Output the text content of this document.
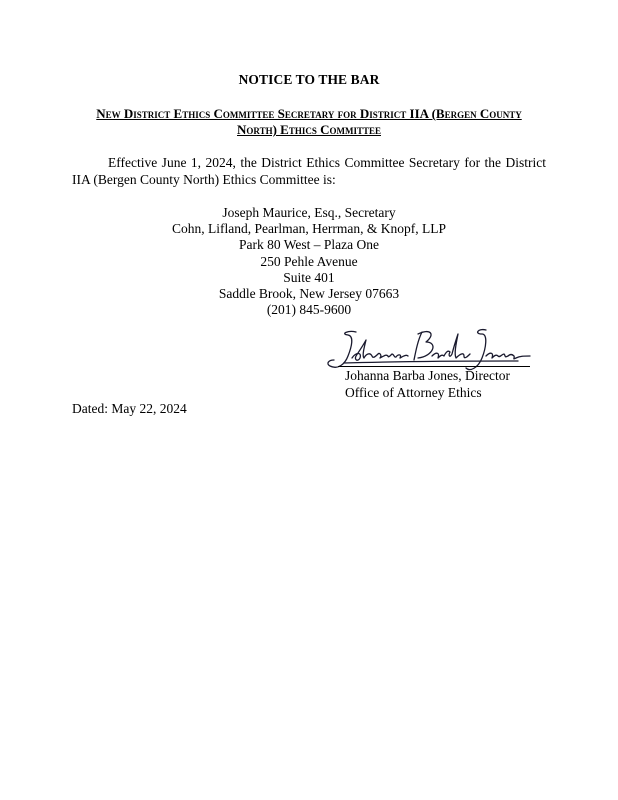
NOTICE TO THE BAR
New District Ethics Committee Secretary for District IIA (Bergen County North) Ethics Committee
Effective June 1, 2024, the District Ethics Committee Secretary for the District IIA (Bergen County North) Ethics Committee is:
Joseph Maurice, Esq., Secretary
Cohn, Lifland, Pearlman, Herrman, & Knopf, LLP
Park 80 West – Plaza One
250 Pehle Avenue
Suite 401
Saddle Brook, New Jersey 07663
(201) 845-9600
Johanna Barba Jones
Johanna Barba Jones, Director
Office of Attorney Ethics
Dated: May 22, 2024
